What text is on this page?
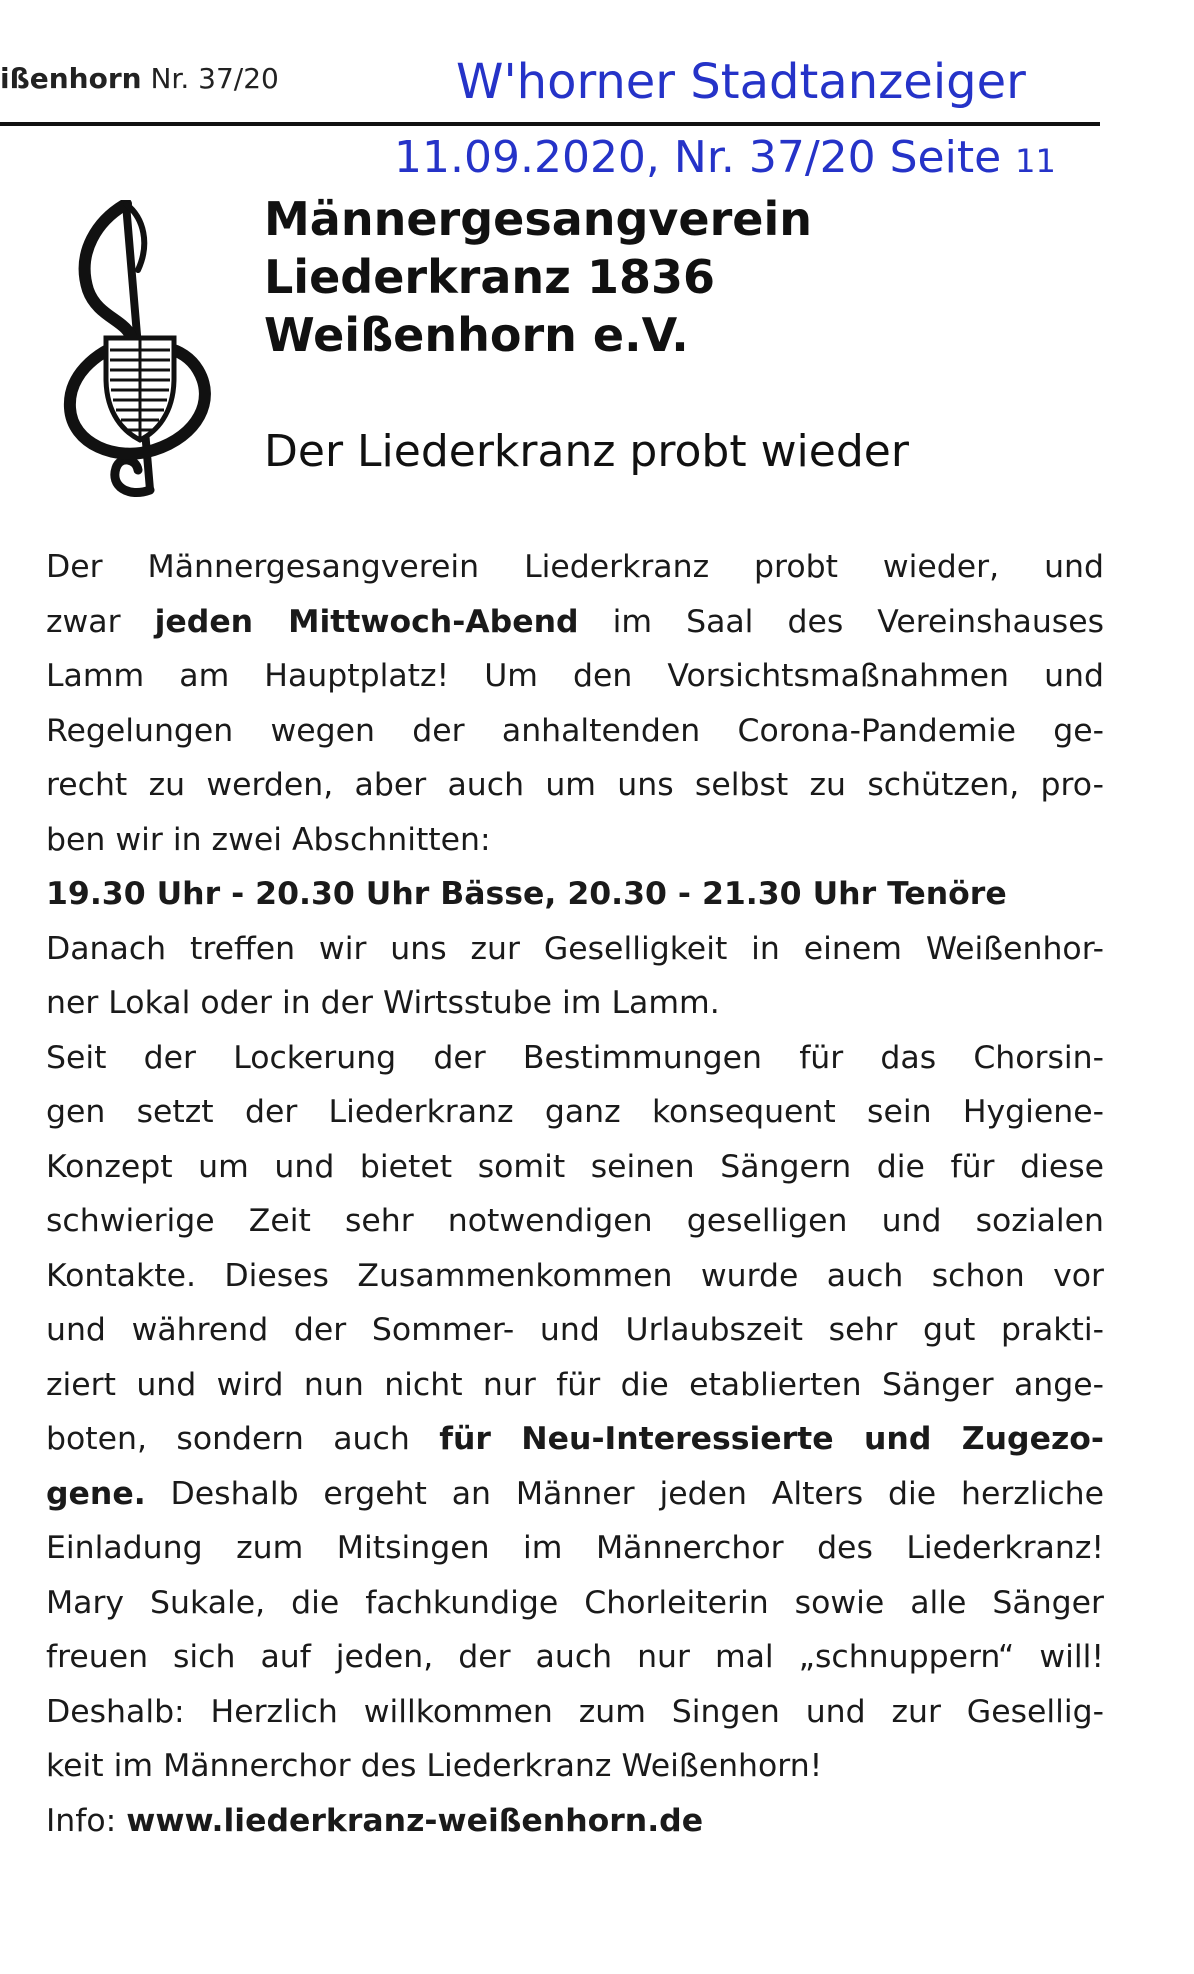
ißenhorn Nr. 37/20	W'horner Stadtanzeiger
11.09.2020, Nr. 37/20 Seite 11
Männergesangverein
Liederkranz 1836
Weißenhorn e.V.
Der Liederkranz probt wieder

Der Männergesangverein Liederkranz probt wieder, und

zwar jeden Mittwoch-Abend im Saal des Vereinshauses

Lamm am Hauptplatz! Um den Vorsichtsmaßnahmen und

Regelungen wegen der anhaltenden Corona-Pandemie ge-

recht zu werden, aber auch um uns selbst zu schützen, pro-

ben wir in zwei Abschnitten:

19.30 Uhr - 20.30 Uhr Bässe, 20.30 - 21.30 Uhr Tenöre

Danach treffen wir uns zur Geselligkeit in einem Weißenhor-

ner Lokal oder in der Wirtsstube im Lamm.

Seit der Lockerung der Bestimmungen für das Chorsin-

gen setzt der Liederkranz ganz konsequent sein Hygiene-

Konzept um und bietet somit seinen Sängern die für diese

schwierige Zeit sehr notwendigen geselligen und sozialen

Kontakte. Dieses Zusammenkommen wurde auch schon vor

und während der Sommer- und Urlaubszeit sehr gut prakti-

ziert und wird nun nicht nur für die etablierten Sänger ange-

boten, sondern auch für Neu-Interessierte und Zugezo-

gene. Deshalb ergeht an Männer jeden Alters die herzliche

Einladung zum Mitsingen im Männerchor des Liederkranz!

Mary Sukale, die fachkundige Chorleiterin sowie alle Sänger

freuen sich auf jeden, der auch nur mal „schnuppern“ will!

Deshalb: Herzlich willkommen zum Singen und zur Gesellig-

keit im Männerchor des Liederkranz Weißenhorn!

Info: www.liederkranz-weißenhorn.de
